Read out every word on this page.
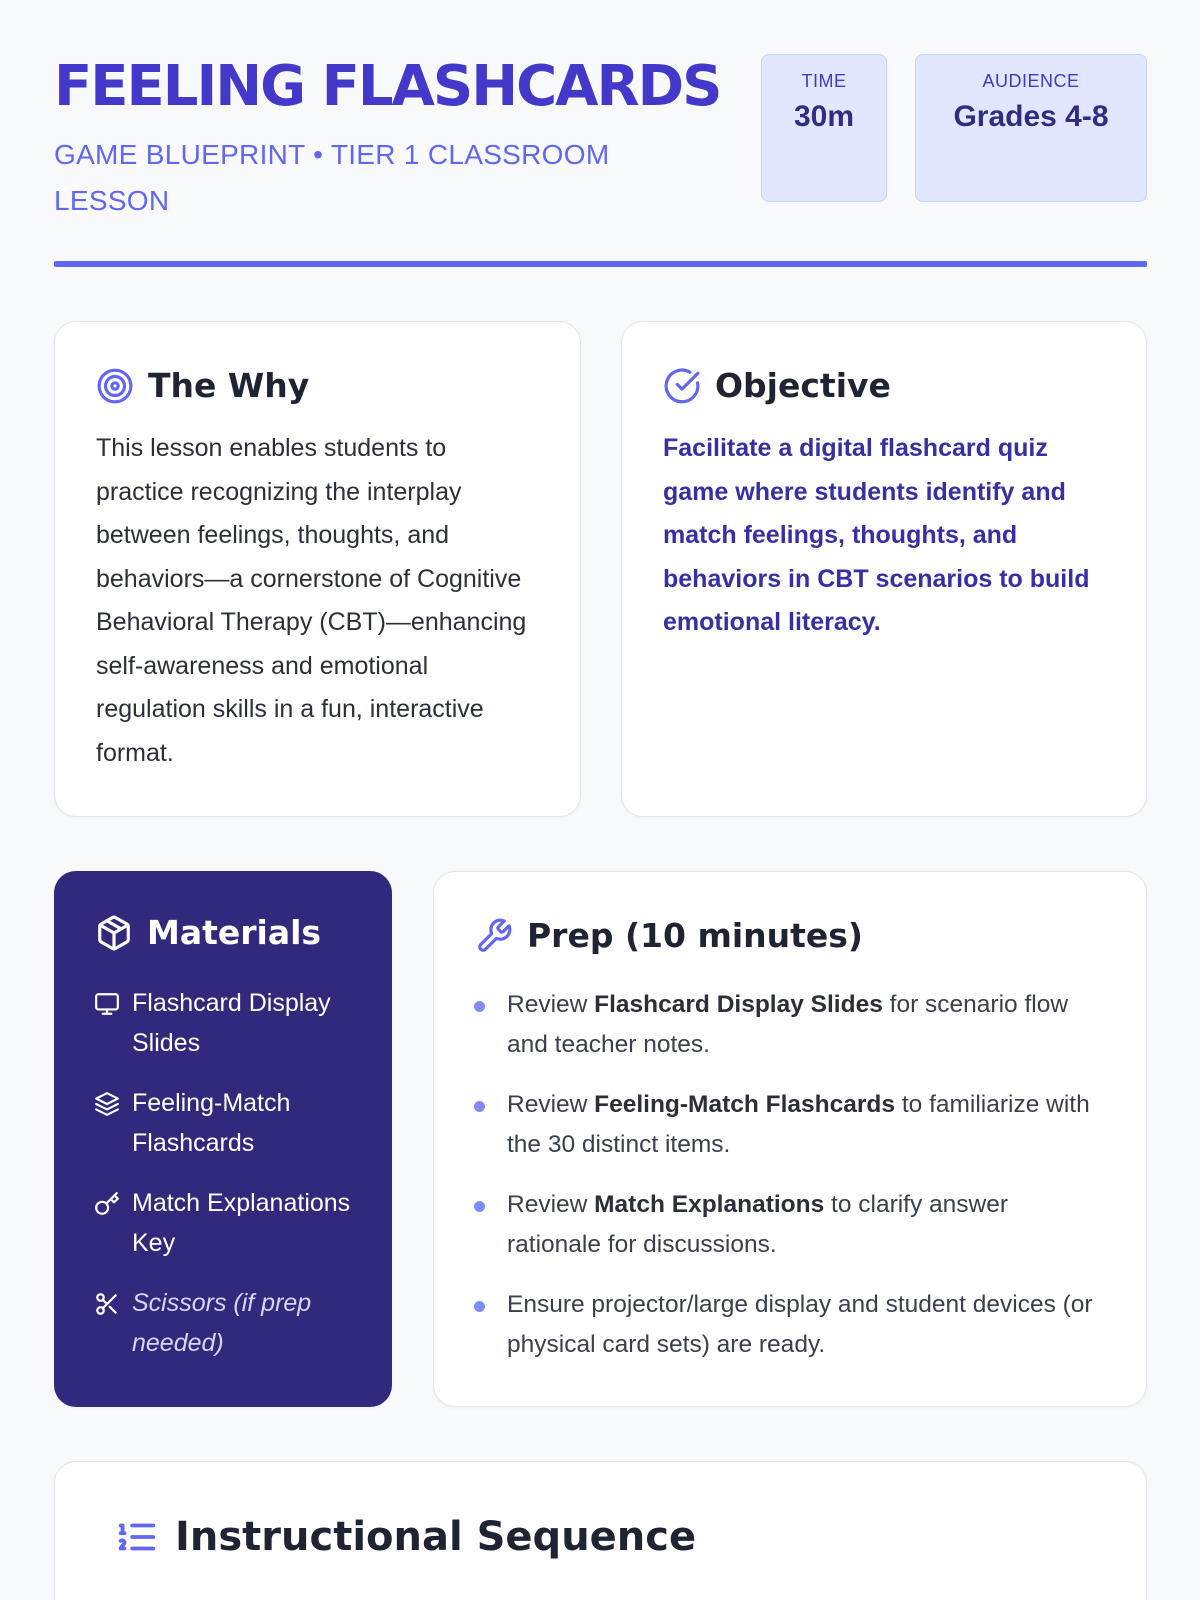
FEELING FLASHCARDS
GAME BLUEPRINT • TIER 1 CLASSROOM LESSON
TIME
30m
AUDIENCE
Grades 4-8
The Why
This lesson enables students to practice recognizing the interplay between feelings, thoughts, and behaviors—a cornerstone of Cognitive Behavioral Therapy (CBT)—enhancing self-awareness and emotional regulation skills in a fun, interactive format.
Objective
Facilitate a digital flashcard quiz game where students identify and match feelings, thoughts, and behaviors in CBT scenarios to build emotional literacy.
Materials
Flashcard Display Slides
Feeling-Match Flashcards
Match Explanations Key
Scissors (if prep needed)
Prep (10 minutes)
Review Flashcard Display Slides for scenario flow and teacher notes.
Review Feeling-Match Flashcards to familiarize with the 30 distinct items.
Review Match Explanations to clarify answer rationale for discussions.
Ensure projector/large display and student devices (or physical card sets) are ready.
Instructional Sequence
